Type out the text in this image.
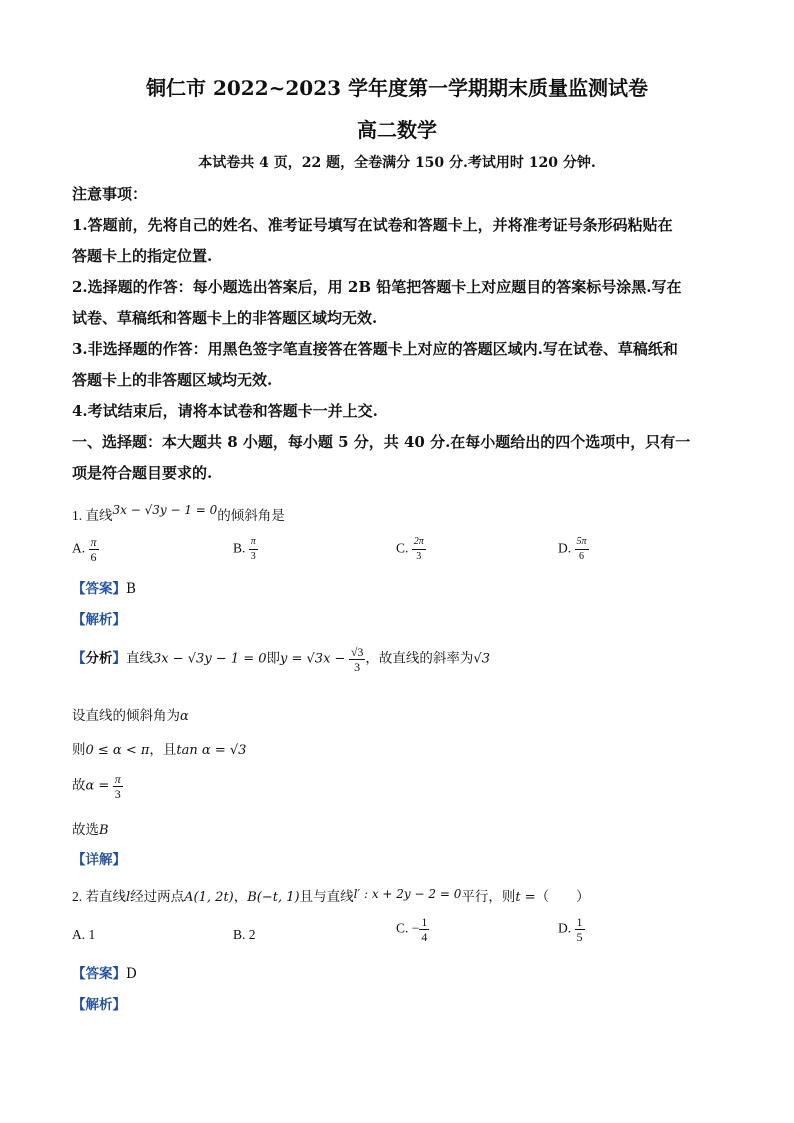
铜仁市 2022~2023 学年度第一学期期末质量监测试卷
高二数学
本试卷共 4 页，22 题，全卷满分 150 分.考试用时 120 分钟.
注意事项：
1.答题前，先将自己的姓名、准考证号填写在试卷和答题卡上，并将准考证号条形码粘贴在
答题卡上的指定位置.
2.选择题的作答：每小题选出答案后，用 2B 铅笔把答题卡上对应题目的答案标号涂黑.写在
试卷、草稿纸和答题卡上的非答题区域均无效.
3.非选择题的作答：用黑色签字笔直接答在答题卡上对应的答题区域内.写在试卷、草稿纸和
答题卡上的非答题区域均无效.
4.考试结束后，请将本试卷和答题卡一并上交.
一、选择题：本大题共 8 小题，每小题 5 分，共 40 分.在每小题给出的四个选项中，只有一
项是符合题目要求的.
1. 直线3x − √3y − 1 = 0的倾斜角是
A. $\frac{\pi}{6}$	B. $\frac{\pi}{3}$	C. $\frac{2\pi}{3}$	D. $\frac{5\pi}{6}$
【答案】B
【解析】
【分析】直线3x − √3y − 1 = 0即$y = √3x - \frac{√3}{3}$ ，故直线的斜率为√3
设直线的倾斜角为α
则0 ≤ α < π，且tan α = √3
故$\alpha = \frac{\pi}{3}$
故选B
【详解】
2. 若直线l经过两点A(1, 2t)，B(−t, 1)且与直线l′ : x + 2y − 2 = 0平行，则t =（　　）
A. 1	B. 2	C. − $\frac{1}{4}$	D. $\frac{1}{5}$
【答案】D
【解析】
